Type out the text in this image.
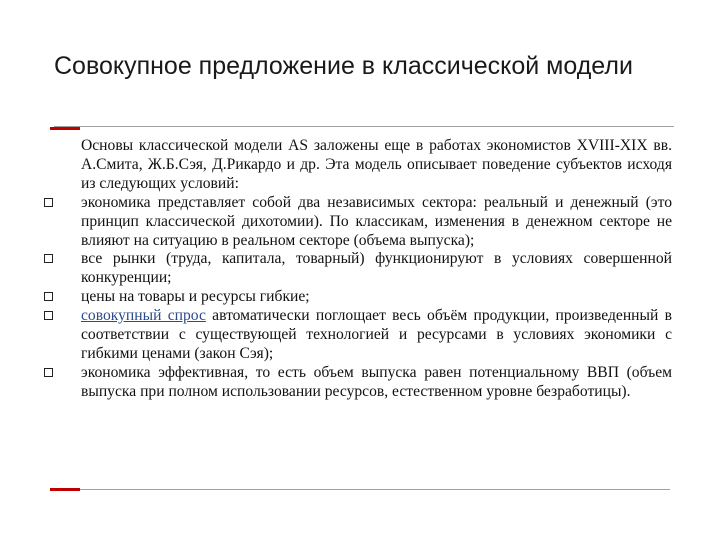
Совокупное предложение в классической модели

Основы классической модели AS заложены еще в работах экономистов XVIII-XIX вв. А.Смита, Ж.Б.Сэя, Д.Рикардо и др. Эта модель описывает поведение субъектов исходя из следующих условий:

экономика представляет собой два независимых сектора: реальный и денежный (это принцип классической дихотомии). По классикам, изменения в денежном секторе не влияют на ситуацию в реальном секторе (объема выпуска);

все рынки (труда, капитала, товарный) функционируют в условиях совершенной конкуренции;

цены на товары и ресурсы гибкие;

совокупный спрос автоматически поглощает весь объём продукции, произведенный в соответствии с существующей технологией и ресурсами в условиях экономики с гибкими ценами (закон Сэя);

экономика эффективная, то есть объем выпуска равен потенциальному ВВП (объем выпуска при полном использовании ресурсов, естественном уровне безработицы).
